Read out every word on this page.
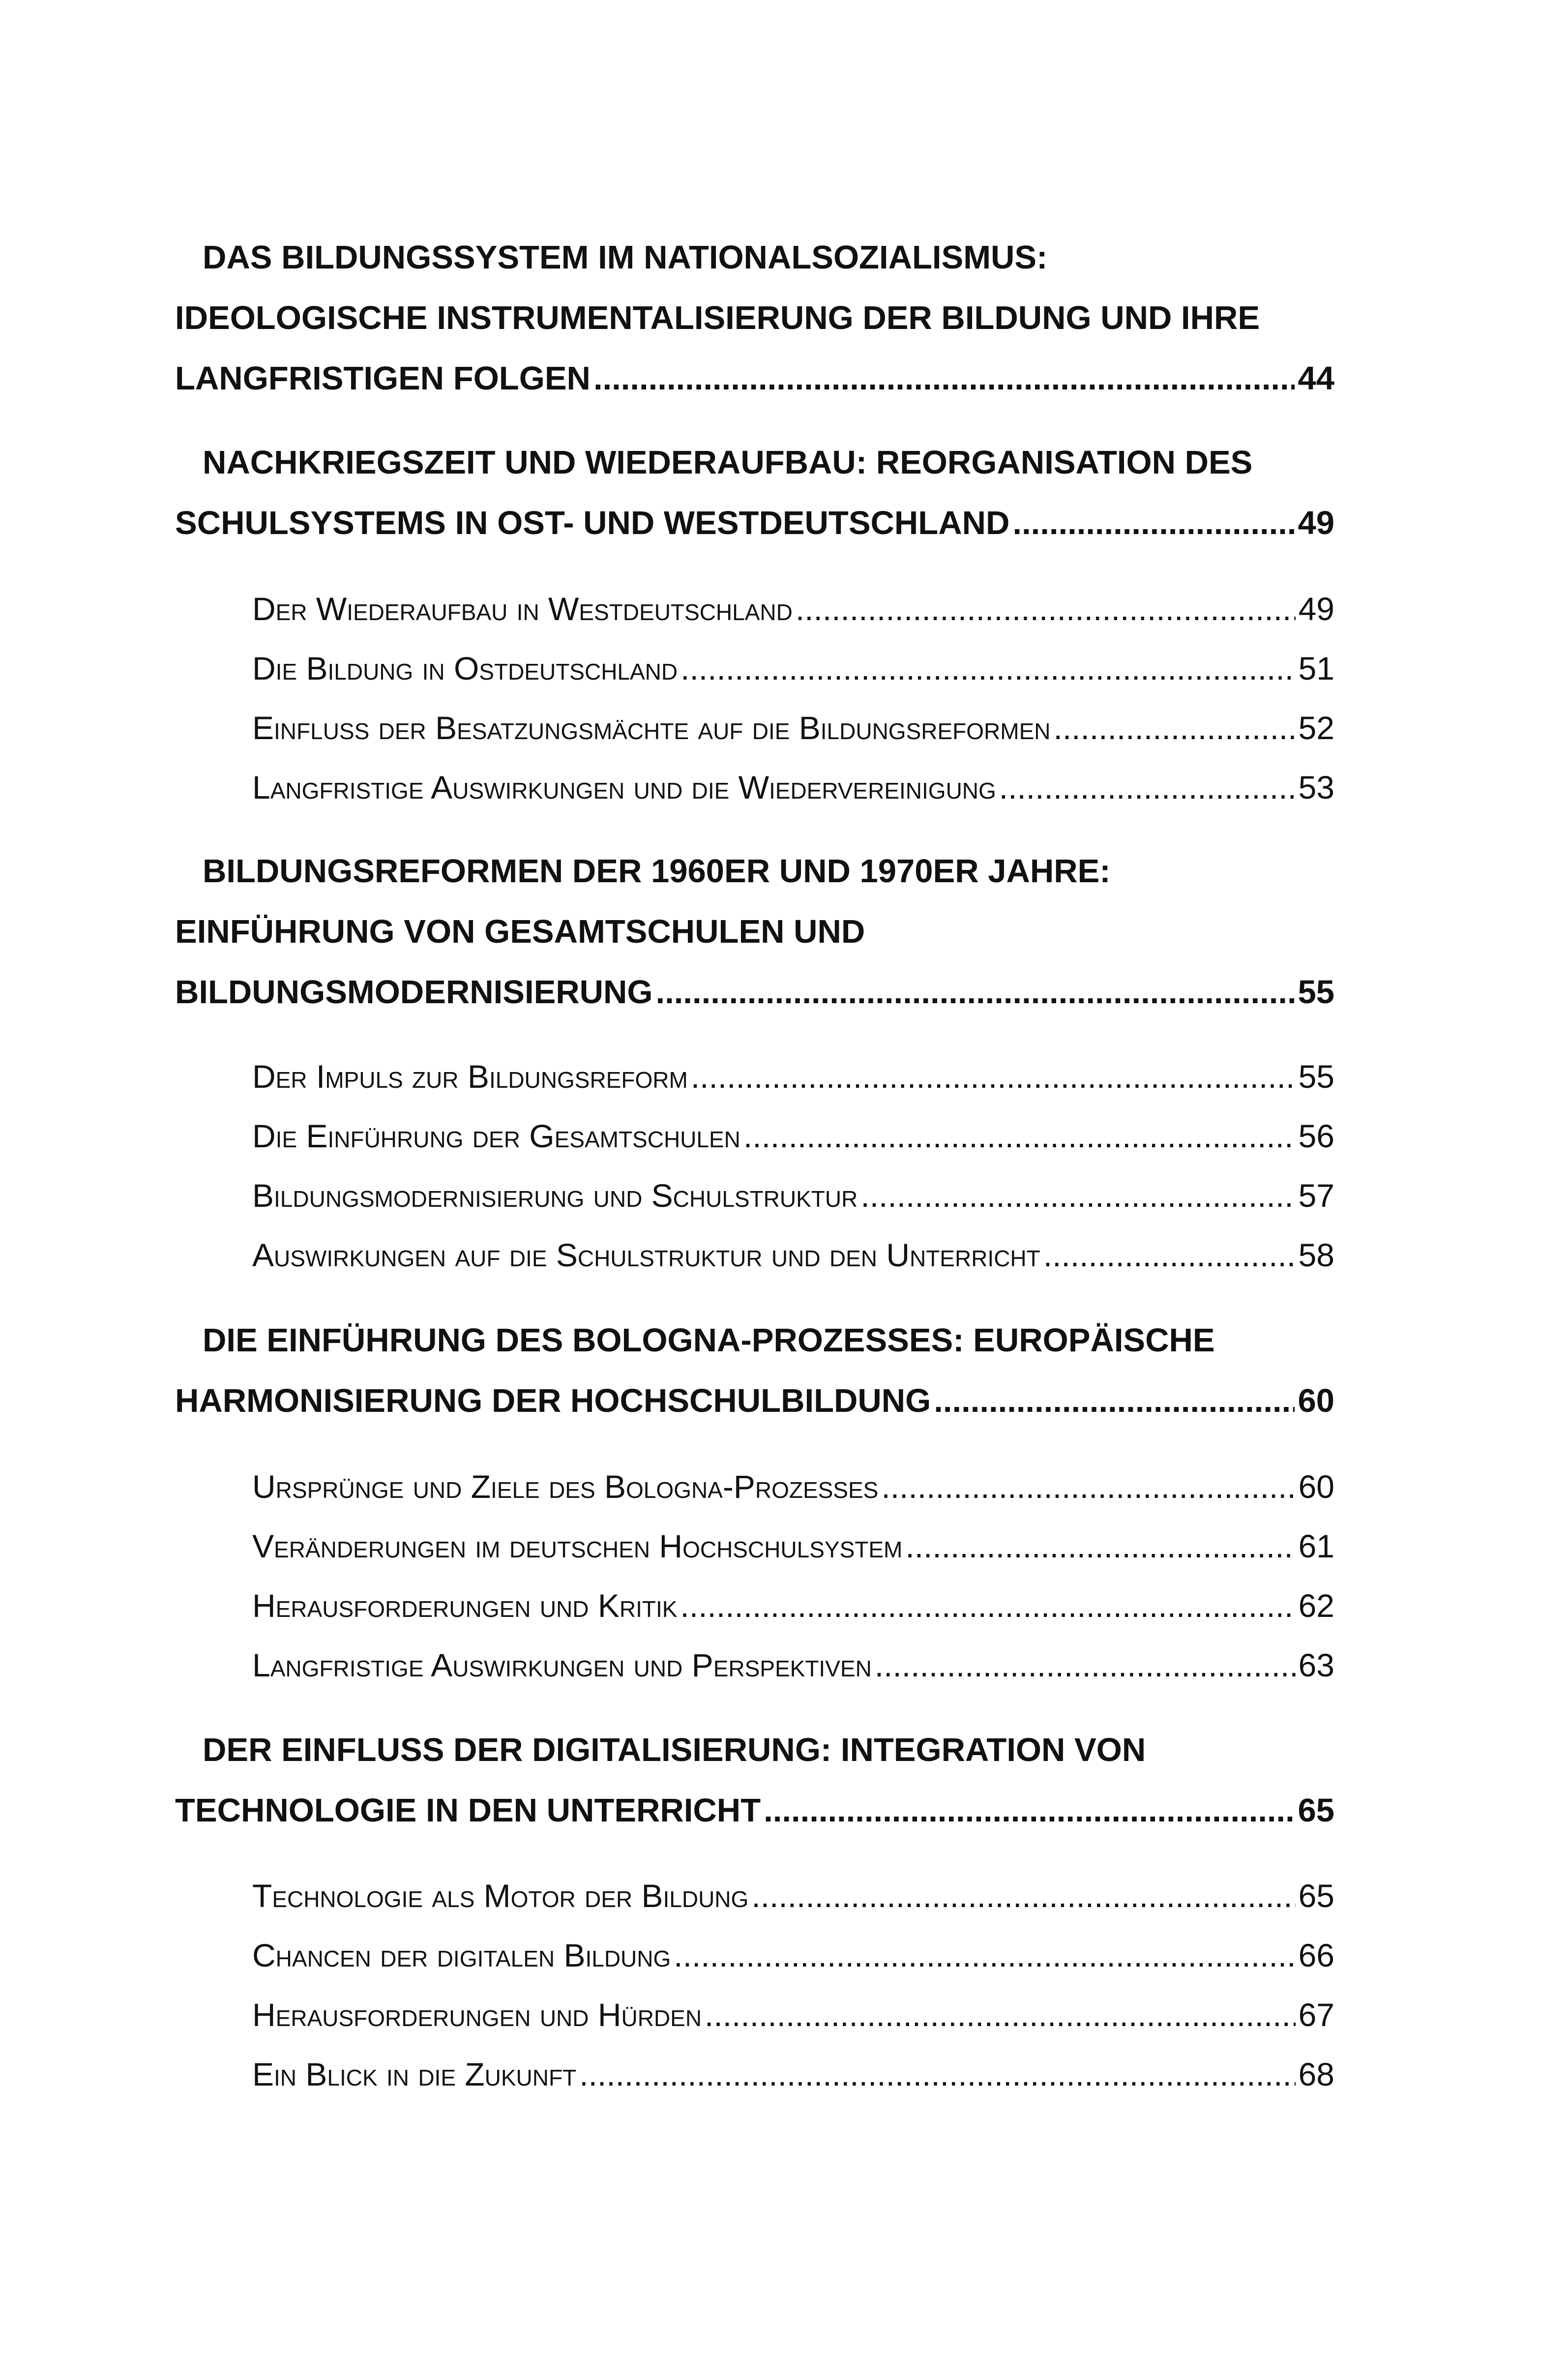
DAS BILDUNGSSYSTEM IM NATIONALSOZIALISMUS:
IDEOLOGISCHE INSTRUMENTALISIERUNG DER BILDUNG UND IHRE
LANGFRISTIGEN FOLGEN .....	44
NACHKRIEGSZEIT UND WIEDERAUFBAU: REORGANISATION DES
SCHULSYSTEMS IN OST- UND WESTDEUTSCHLAND .....	49
Der Wiederaufbau in Westdeutschland .....	49
Die Bildung in Ostdeutschland .....	51
Einfluss der Besatzungsmächte auf die Bildungsreformen .....	52
Langfristige Auswirkungen und die Wiedervereinigung .....	53
BILDUNGSREFORMEN DER 1960ER UND 1970ER JAHRE:
EINFÜHRUNG VON GESAMTSCHULEN UND
BILDUNGSMODERNISIERUNG .....	55
Der Impuls zur Bildungsreform .....	55
Die Einführung der Gesamtschulen .....	56
Bildungsmodernisierung und Schulstruktur .....	57
Auswirkungen auf die Schulstruktur und den Unterricht .....	58
DIE EINFÜHRUNG DES BOLOGNA-PROZESSES: EUROPÄISCHE
HARMONISIERUNG DER HOCHSCHULBILDUNG .....	60
Ursprünge und Ziele des Bologna-Prozesses .....	60
Veränderungen im deutschen Hochschulsystem .....	61
Herausforderungen und Kritik .....	62
Langfristige Auswirkungen und Perspektiven .....	63
DER EINFLUSS DER DIGITALISIERUNG: INTEGRATION VON
TECHNOLOGIE IN DEN UNTERRICHT .....	65
Technologie als Motor der Bildung .....	65
Chancen der digitalen Bildung .....	66
Herausforderungen und Hürden .....	67
Ein Blick in die Zukunft .....	68
